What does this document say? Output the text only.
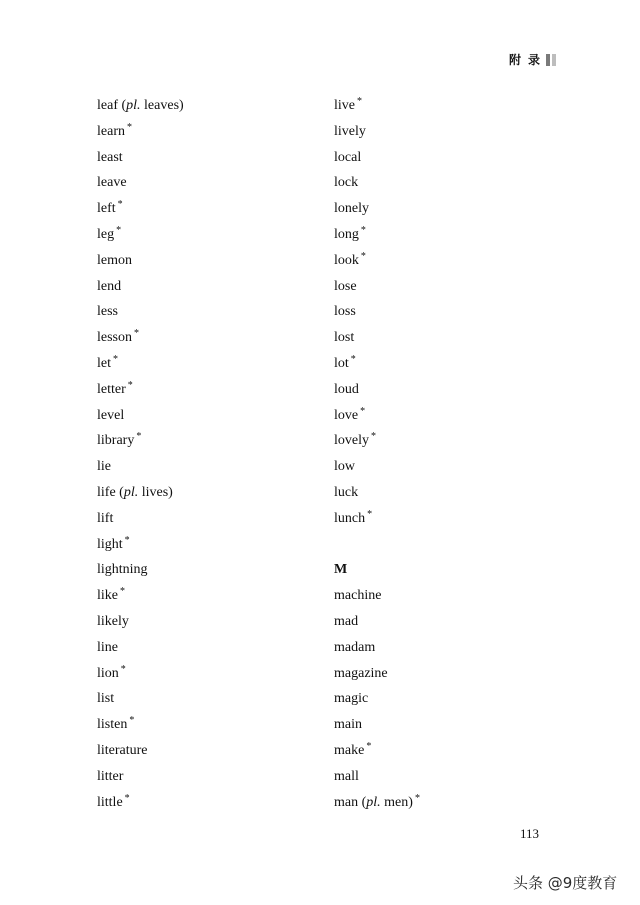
附 录
leaf (pl. leaves)
learn *
least
leave
left *
leg *
lemon
lend
less
lesson *
let *
letter *
level
library *
lie
life (pl. lives)
lift
light *
lightning
like *
likely
line
lion *
list
listen *
literature
litter
little *
live *
lively
local
lock
lonely
long *
look *
lose
loss
lost
lot *
loud
love *
lovely *
low
luck
lunch *
M
machine
mad
madam
magazine
magic
main
make *
mall
man (pl. men) *
113
头条 @9度教育
